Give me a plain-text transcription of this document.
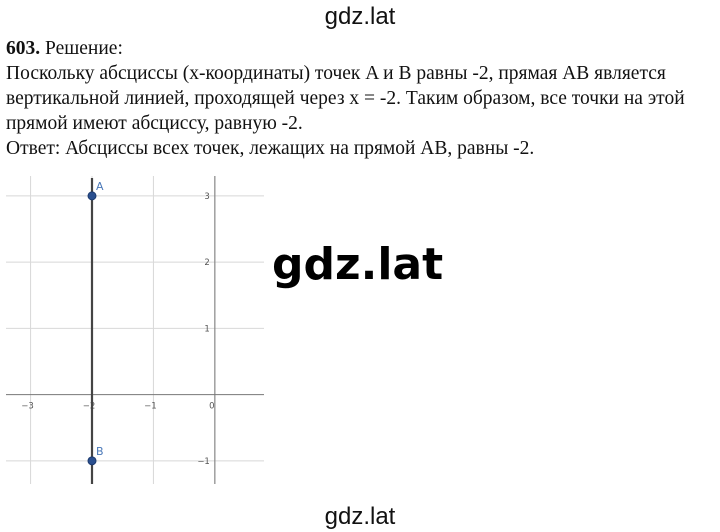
gdz.lat

603. Решение:

Поскольку абсциссы (x-координаты) точек A и B равны -2, прямая AB является

вертикальной линией, проходящей через x = -2. Таким образом, все точки на этой

прямой имеют абсциссу, равную -2.

Ответ: Абсциссы всех точек, лежащих на прямой AB, равны -2.

−3	−2	−1	0
3
2
1
−1
A
B
gdz.lat
gdz.lat
